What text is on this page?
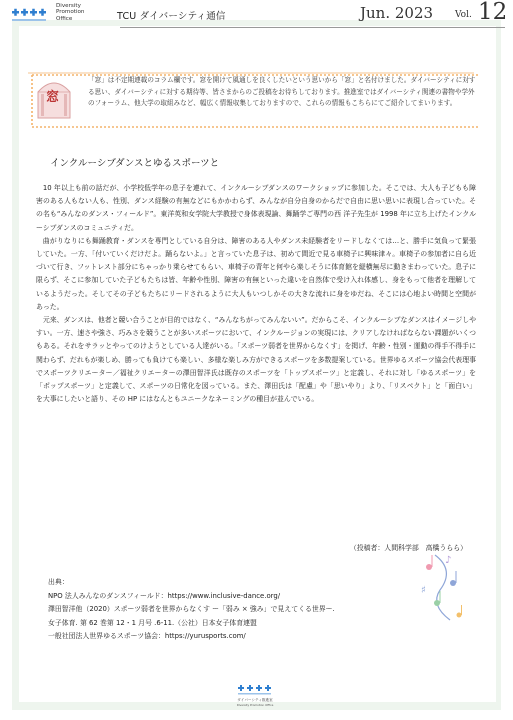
Diversity
Promotion
Office	TCU ダイバーシティ通信	Jun. 2023 Vol. 12
窓
「窓」は不定期連載のコラム欄です。窓を開けて風通しを良くしたいという思いから「窓」と名付けました。ダイバーシティに対する思い、ダイバーシティに対する期待等、皆さまからのご投稿をお待ちしております。推進室ではダイバーシティ関連の書物や学外のフォーラム、他大学の取組みなど、幅広く情報収集しておりますので、これらの情報もこちらにてご紹介してまいります。
インクルーシブダンスとゆるスポーツと

10 年以上も前の話だが、小学校低学年の息子を連れて、インクルーシブダンスのワークショップに参加した。そこでは、大人も子どもも障害のある人もない人も、性別、ダンス経験の有無などにもかかわらず、みんなが自分自身のからだで自由に思い思いに表現し合っていた。その名も“みんなのダンス・フィールド”。東洋英和女学院大学教授で身体表現論、舞踊学ご専門の西 洋子先生が 1998 年に立ち上げたインクルーシブダンスのコミュニティだ。

曲がりなりにも舞踊教育・ダンスを専門としている自分は、障害のある人やダンス未経験者をリードしなくては…と、勝手に気負って緊張していた。一方、「付いていくだけだよ。踊らないよ。」と言っていた息子は、初めて間近で見る車椅子に興味津々。車椅子の参加者に自ら近づいて行き、フットレスト部分にちゃっかり乗らせてもらい、車椅子の青年と何やら楽しそうに体育館を縦横無尽に動きまわっていた。息子に限らず、そこに参加していた子どもたちは皆、年齢や性別、障害の有無といった違いを自然体で受け入れ体感し、身をもって他者を理解しているようだった。そしてその子どもたちにリードされるように大人もいつしかその大きな流れに身をゆだね、そこには心地よい時間と空間があった。

元来、ダンスは、他者と競い合うことが目的ではなく、“みんなちがってみんないい”。だからこそ、インクルーシブなダンスはイメージしやすい。一方、速さや強さ、巧みさを競うことが多いスポーツにおいて、インクルージョンの実現には、クリアしなければならない課題がいくつもある。それをサラッとやってのけようとしている人達がいる。「スポーツ弱者を世界からなくす」を掲げ、年齢・性別・運動の得手不得手に関わらず、だれもが楽しめ、勝っても負けても楽しい、多様な楽しみ方ができるスポーツを多数提案している。世界ゆるスポーツ協会代表理事でスポーツクリエーター／福祉クリエーターの澤田智洋氏は既存のスポーツを「トップスポーツ」と定義し、それに対し「ゆるスポーツ」を「ポップスポーツ」と定義して、スポーツの日常化を図っている。また、澤田氏は「配慮」や「思いやり」より、「リスペクト」と「面白い」を大事にしたいと語り、その HP にはなんともユニークなネーミングの種目が並んでいる。

（投稿者：人間科学部　高橋うらら）
出典：
NPO 法人みんなのダンスフィールド：https://www.inclusive-dance.org/
澤田智洋他（2020）スポーツ弱者を世界からなくす ー「弱み × 強み」で見えてくる世界ー.
女子体育. 第 62 巻第 12・1 月号 .6-11.（公社）日本女子体育連盟
一般社団法人世界ゆるスポーツ協会：https://yurusports.com/
♪
♯
ダイバーシティ推進室
Diversity Promotion Office
